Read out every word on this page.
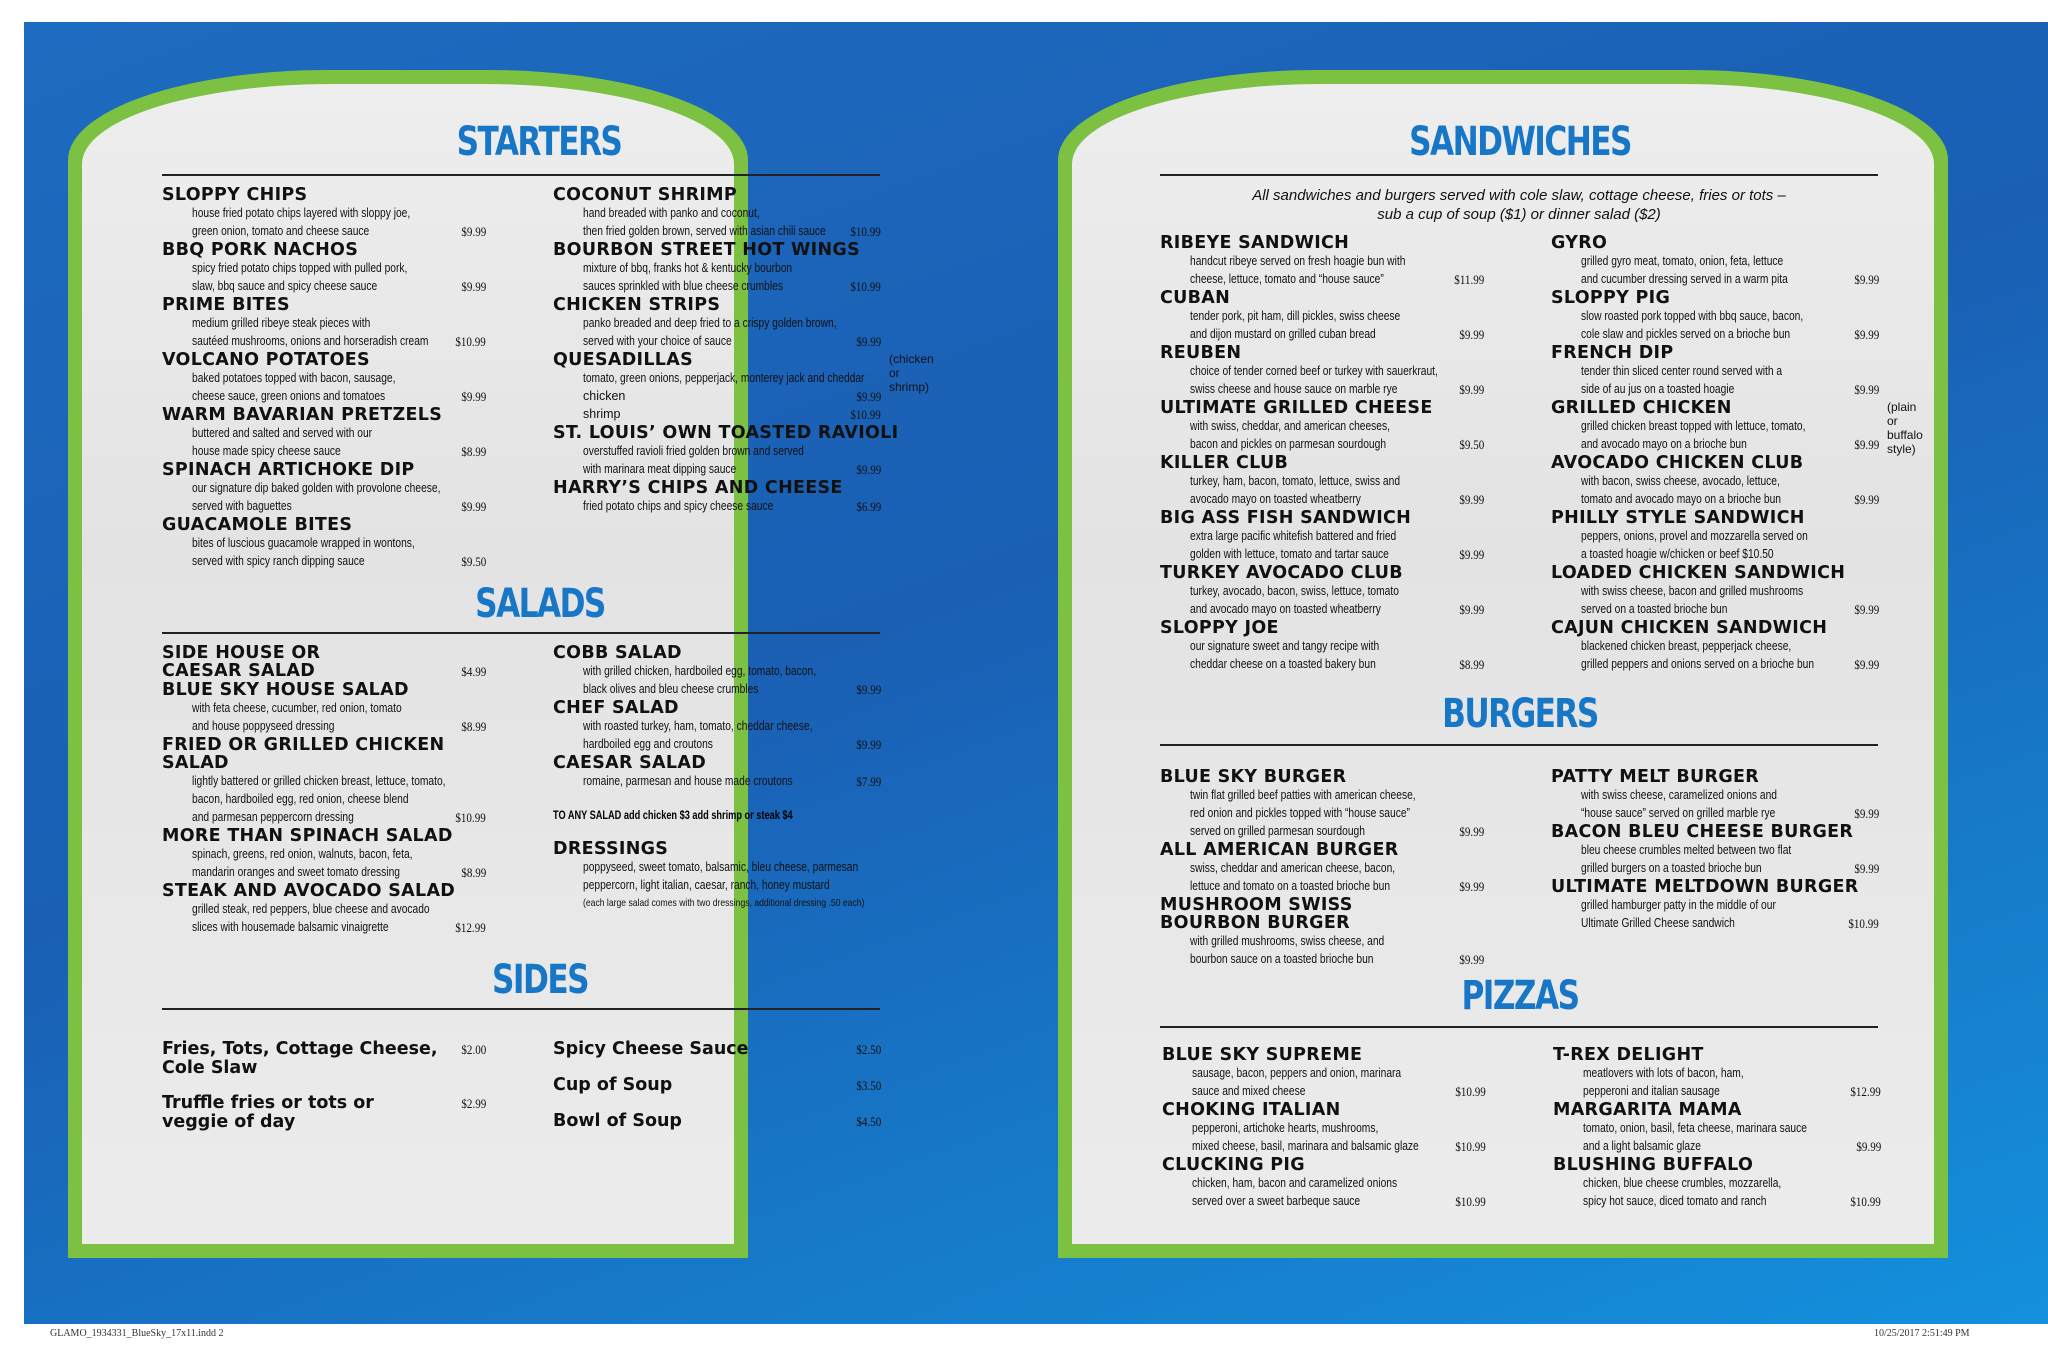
STARTERS
SLOPPY CHIPS
house fried potato chips layered with sloppy joe,
green onion, tomato and cheese sauce	$9.99
BBQ PORK NACHOS
spicy fried potato chips topped with pulled pork,
slaw, bbq sauce and spicy cheese sauce	$9.99
PRIME BITES
medium grilled ribeye steak pieces with
sautéed mushrooms, onions and horseradish cream	$10.99
VOLCANO POTATOES
baked potatoes topped with bacon, sausage,
cheese sauce, green onions and tomatoes	$9.99
WARM BAVARIAN PRETZELS
buttered and salted and served with our
house made spicy cheese sauce	$8.99
SPINACH ARTICHOKE DIP
our signature dip baked golden with provolone cheese,
served with baguettes	$9.99
GUACAMOLE BITES
bites of luscious guacamole wrapped in wontons,
served with spicy ranch dipping sauce	$9.50
COCONUT SHRIMP
hand breaded with panko and coconut,
then fried golden brown, served with asian chili sauce $10.99
BOURBON STREET HOT WINGS
mixture of bbq, franks hot & kentucky bourbon
sauces sprinkled with blue cheese crumbles	$10.99
CHICKEN STRIPS
panko breaded and deep fried to a crispy golden brown,
served with your choice of sauce	$9.99
QUESADILLAS	(chicken or shrimp)
tomato, green onions, pepperjack, monterey jack and cheddar
chicken	$9.99
shrimp	$10.99
ST. LOUIS’ OWN TOASTED RAVIOLI
overstuffed ravioli fried golden brown and served
with marinara meat dipping sauce	$9.99
HARRY’S CHIPS AND CHEESE
fried potato chips and spicy cheese sauce	$6.99
SALADS
SIDE HOUSE OR
CAESAR SALAD	$4.99
BLUE SKY HOUSE SALAD
with feta cheese, cucumber, red onion, tomato
and house poppyseed dressing	$8.99
FRIED OR GRILLED CHICKEN
SALAD
lightly battered or grilled chicken breast, lettuce, tomato,
bacon, hardboiled egg, red onion, cheese blend
and parmesan peppercorn dressing	$10.99
MORE THAN SPINACH SALAD
spinach, greens, red onion, walnuts, bacon, feta,
mandarin oranges and sweet tomato dressing	$8.99
STEAK AND AVOCADO SALAD
grilled steak, red peppers, blue cheese and avocado
slices with housemade balsamic vinaigrette	$12.99
COBB SALAD
with grilled chicken, hardboiled egg, tomato, bacon,
black olives and bleu cheese crumbles	$9.99
CHEF SALAD
with roasted turkey, ham, tomato, cheddar cheese,
hardboiled egg and croutons	$9.99
CAESAR SALAD
romaine, parmesan and house made croutons	$7.99
TO ANY SALAD add chicken $3 add shrimp or steak $4
DRESSINGS
poppyseed, sweet tomato, balsamic, bleu cheese, parmesan
peppercorn, light italian, caesar, ranch, honey mustard
(each large salad comes with two dressings, additional dressing .50 each)
SIDES
Fries, Tots, Cottage Cheese,
Cole Slaw
$2.00
Truffle fries or tots or
veggie of day
$2.99
Spicy Cheese Sauce	$2.50
Cup of Soup	$3.50
Bowl of Soup	$4.50
SANDWICHES
All sandwiches and burgers served with cole slaw, cottage cheese, fries or tots –
sub a cup of soup ($1) or dinner salad ($2)
RIBEYE SANDWICH
handcut ribeye served on fresh hoagie bun with
cheese, lettuce, tomato and “house sauce”	$11.99
CUBAN
tender pork, pit ham, dill pickles, swiss cheese
and dijon mustard on grilled cuban bread	$9.99
REUBEN
choice of tender corned beef or turkey with sauerkraut,
swiss cheese and house sauce on marble rye	$9.99
ULTIMATE GRILLED CHEESE
with swiss, cheddar, and american cheeses,
bacon and pickles on parmesan sourdough	$9.50
KILLER CLUB
turkey, ham, bacon, tomato, lettuce, swiss and
avocado mayo on toasted wheatberry	$9.99
BIG ASS FISH SANDWICH
extra large pacific whitefish battered and fried
golden with lettuce, tomato and tartar sauce	$9.99
TURKEY AVOCADO CLUB
turkey, avocado, bacon, swiss, lettuce, tomato
and avocado mayo on toasted wheatberry	$9.99
SLOPPY JOE
our signature sweet and tangy recipe with
cheddar cheese on a toasted bakery bun	$8.99
GYRO
grilled gyro meat, tomato, onion, feta, lettuce
and cucumber dressing served in a warm pita	$9.99
SLOPPY PIG
slow roasted pork topped with bbq sauce, bacon,
cole slaw and pickles served on a brioche bun	$9.99
FRENCH DIP
tender thin sliced center round served with a
side of au jus on a toasted hoagie	$9.99
GRILLED CHICKEN	(plain or buffalo style)
grilled chicken breast topped with lettuce, tomato,
and avocado mayo on a brioche bun	$9.99
AVOCADO CHICKEN CLUB
with bacon, swiss cheese, avocado, lettuce,
tomato and avocado mayo on a brioche bun	$9.99
PHILLY STYLE SANDWICH
peppers, onions, provel and mozzarella served on
a toasted hoagie w/chicken or beef $10.50
LOADED CHICKEN SANDWICH
with swiss cheese, bacon and grilled mushrooms
served on a toasted brioche bun	$9.99
CAJUN CHICKEN SANDWICH
blackened chicken breast, pepperjack cheese,
grilled peppers and onions served on a brioche bun	$9.99
BURGERS
BLUE SKY BURGER
twin flat grilled beef patties with american cheese,
red onion and pickles topped with “house sauce”
served on grilled parmesan sourdough	$9.99
ALL AMERICAN BURGER
swiss, cheddar and american cheese, bacon,
lettuce and tomato on a toasted brioche bun	$9.99
MUSHROOM SWISS
BOURBON BURGER
with grilled mushrooms, swiss cheese, and
bourbon sauce on a toasted brioche bun	$9.99
PATTY MELT BURGER
with swiss cheese, caramelized onions and
“house sauce” served on grilled marble rye	$9.99
BACON BLEU CHEESE BURGER
bleu cheese crumbles melted between two flat
grilled burgers on a toasted brioche bun	$9.99
ULTIMATE MELTDOWN BURGER
grilled hamburger patty in the middle of our
Ultimate Grilled Cheese sandwich	$10.99
PIZZAS
BLUE SKY SUPREME
sausage, bacon, peppers and onion, marinara
sauce and mixed cheese	$10.99
CHOKING ITALIAN
pepperoni, artichoke hearts, mushrooms,
mixed cheese, basil, marinara and balsamic glaze	$10.99
CLUCKING PIG
chicken, ham, bacon and caramelized onions
served over a sweet barbeque sauce	$10.99
T-REX DELIGHT
meatlovers with lots of bacon, ham,
pepperoni and italian sausage	$12.99
MARGARITA MAMA
tomato, onion, basil, feta cheese, marinara sauce
and a light balsamic glaze	$9.99
BLUSHING BUFFALO
chicken, blue cheese crumbles, mozzarella,
spicy hot sauce, diced tomato and ranch	$10.99
GLAMO_1934331_BlueSky_17x11.indd 2	10/25/2017 2:51:49 PM
